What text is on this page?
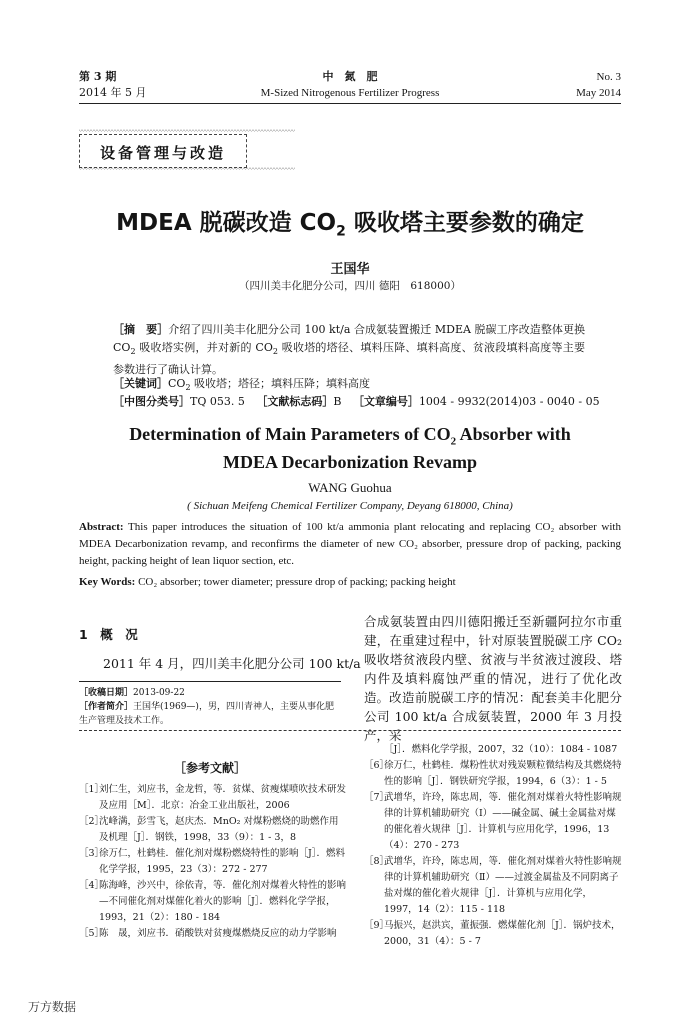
第 3 期
2014 年 5 月
中　氮　肥
M-Sized Nitrogenous Fertilizer Progress
No. 3
May 2014
〰〰〰〰〰〰〰〰〰〰〰〰〰〰〰〰〰〰〰〰〰〰〰〰〰〰〰〰〰〰〰〰〰〰〰〰
设备管理与改造
〰〰〰〰〰〰〰〰〰〰〰〰〰〰〰〰〰〰〰〰〰〰〰〰〰〰〰〰〰〰〰〰〰〰〰〰
MDEA 脱碳改造 $CO_2$ 吸收塔主要参数的确定
王国华
（四川美丰化肥分公司，四川 德阳　618000）
［摘　要］介绍了四川美丰化肥分公司 100 kt/a 合成氨装置搬迁 MDEA 脱碳工序改造整体更换 $CO_2$ 吸收塔实例，并对新的 $CO_2$ 吸收塔的塔径、填料压降、填料高度、贫液段填料高度等主要参数进行了确认计算。
［关键词$]CO_2$ 吸收塔；塔径；填料压降；填料高度
［中图分类号］TQ 053. 5 ［文献标志码］B ［文章编号］1004 - 9932(2014)03 - 0040 - 05
Determination of Main Parameters of $CO_2$ Absorber with
MDEA Decarbonization Revamp
WANG Guohua
( Sichuan Meifeng Chemical Fertilizer Company, Deyang 618000, China)
Abstract: This paper introduces the situation of 100 kt/a ammonia plant relocating and replacing CO₂ absorber with MDEA Decarbonization revamp, and reconfirms the diameter of new CO₂ absorber, pressure drop of packing, packing height, packing height of lean liquor section, etc.
Key Words: CO₂ absorber; tower diameter; pressure drop of packing; packing height
1　概　况
2011 年 4 月，四川美丰化肥分公司 100 kt/a
［收稿日期］2013-09-22
［作者简介］王国华(1969—)，男，四川青神人，主要从事化肥生产管理及技术工作。
合成氨装置由四川德阳搬迁至新疆阿拉尔市重建，在重建过程中，针对原装置脱碳工序 CO₂ 吸收塔贫液段内壁、贫液与半贫液过渡段、塔内件及填料腐蚀严重的情况，进行了优化改造。 改造前脱碳工序的情况：配套美丰化肥分公司 100 kt/a 合成氨装置，2000 年 3 月投产，采
［参考文献］
［1］
刘仁生，刘应书，金龙哲，等．贫煤、贫瘦煤喷吹技术研发及应用［M］．北京：冶金工业出版社，2006
［2］
沈峰满，彭雪飞，赵庆杰．MnO₂ 对煤粉燃烧的助燃作用及机理［J］．钢铁，1998，33（9）：1 - 3，8
［3］
徐万仁，杜鹤桂．催化剂对煤粉燃烧特性的影响［J］．燃料化学学报，1995，23（3）：272 - 277
［4］
陈海峰，沙兴中，徐依青，等．催化剂对煤着火特性的影响—不同催化剂对煤催化着火的影响［J］．燃料化学学报，1993，21（2）：180 - 184
［5］
陈　晟，刘应书．硝酸铁对贫瘦煤燃烧反应的动力学影响
［J］．燃料化学学报，2007，32（10）：1084 - 1087
［6］
徐万仁，杜鹤桂．煤粉性状对残炭颗粒微结构及其燃烧特性的影响［J］．钢铁研究学报，1994，6（3）：1 - 5
［7］
武增华，许玲，陈忠周，等．催化剂对煤着火特性影响规律的计算机辅助研究（Ⅰ）——碱金属、碱土金属盐对煤的催化着火规律［J］．计算机与应用化学，1996，13（4）：270 - 273
［8］
武增华，许玲，陈忠周，等．催化剂对煤着火特性影响规律的计算机辅助研究（Ⅱ）——过渡金属盐及不同阴离子盐对煤的催化着火规律［J］．计算机与应用化学，1997，14（2）：115 - 118
［9］
马振兴，赵洪宾，董振强．燃煤催化剂［J］．锅炉技术，2000，31（4）：5 - 7
万方数据
